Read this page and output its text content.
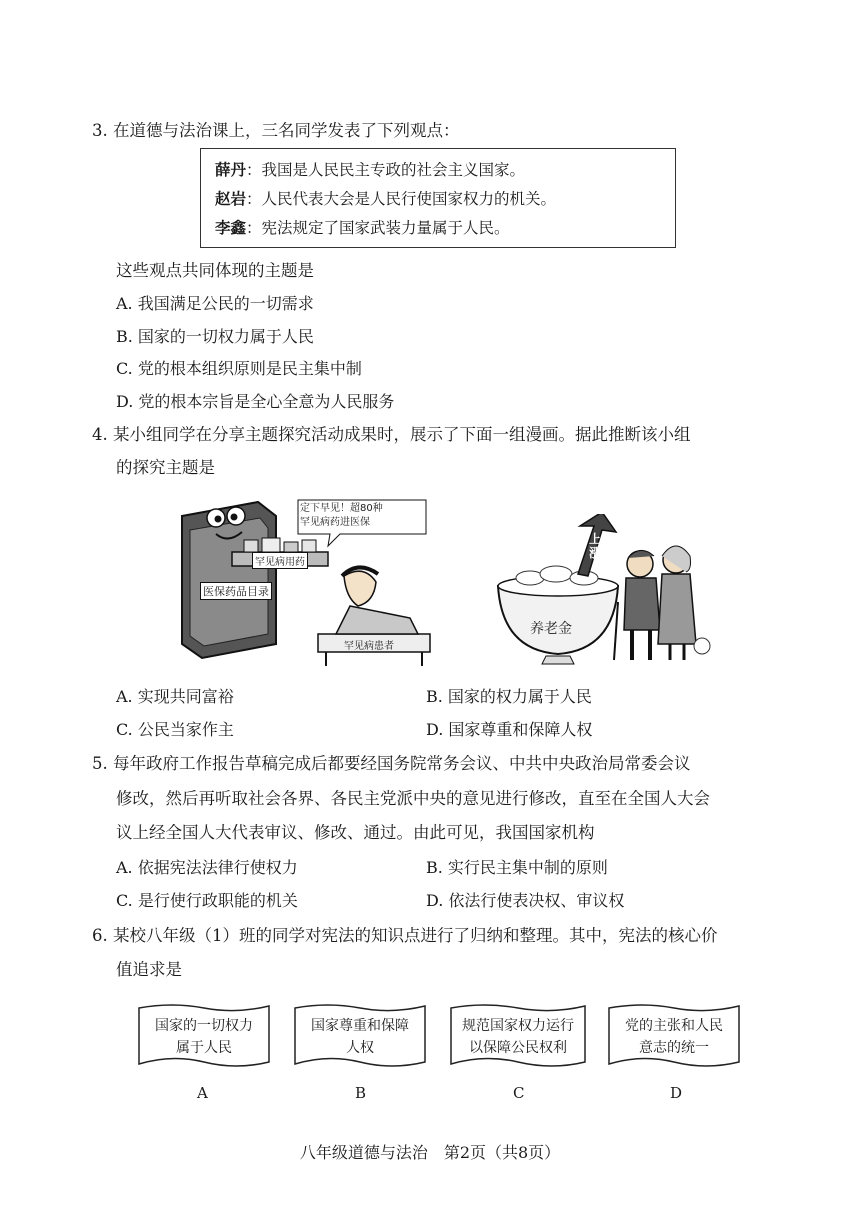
3. 在道德与法治课上，三名同学发表了下列观点：
薛丹：我国是人民民主专政的社会主义国家。
赵岩：人民代表大会是人民行使国家权力的机关。
李鑫：宪法规定了国家武装力量属于人民。
这些观点共同体现的主题是
A. 我国满足公民的一切需求
B. 国家的一切权力属于人民
C. 党的根本组织原则是民主集中制
D. 党的根本宗旨是全心全意为人民服务
4. 某小组同学在分享主题探究活动成果时，展示了下面一组漫画。据此推断该小组
的探究主题是
定下早见！超80种
罕见病药进医保
罕见病用药
医保药品目录
罕见病患者
上涨
养老金
A. 实现共同富裕	B. 国家的权力属于人民
C. 公民当家作主	D. 国家尊重和保障人权
5. 每年政府工作报告草稿完成后都要经国务院常务会议、中共中央政治局常委会议
修改，然后再听取社会各界、各民主党派中央的意见进行修改，直至在全国人大会
议上经全国人大代表审议、修改、通过。由此可见，我国国家机构
A. 依据宪法法律行使权力	B. 实行民主集中制的原则
C. 是行使行政职能的机关	D. 依法行使表决权、审议权
6. 某校八年级（1）班的同学对宪法的知识点进行了归纳和整理。其中，宪法的核心价
值追求是
国家的一切权力
属于人民
国家尊重和保障
人权
规范国家权力运行
以保障公民权利
党的主张和人民
意志的统一
A	B	C	D
八年级道德与法治　第2页（共8页）
